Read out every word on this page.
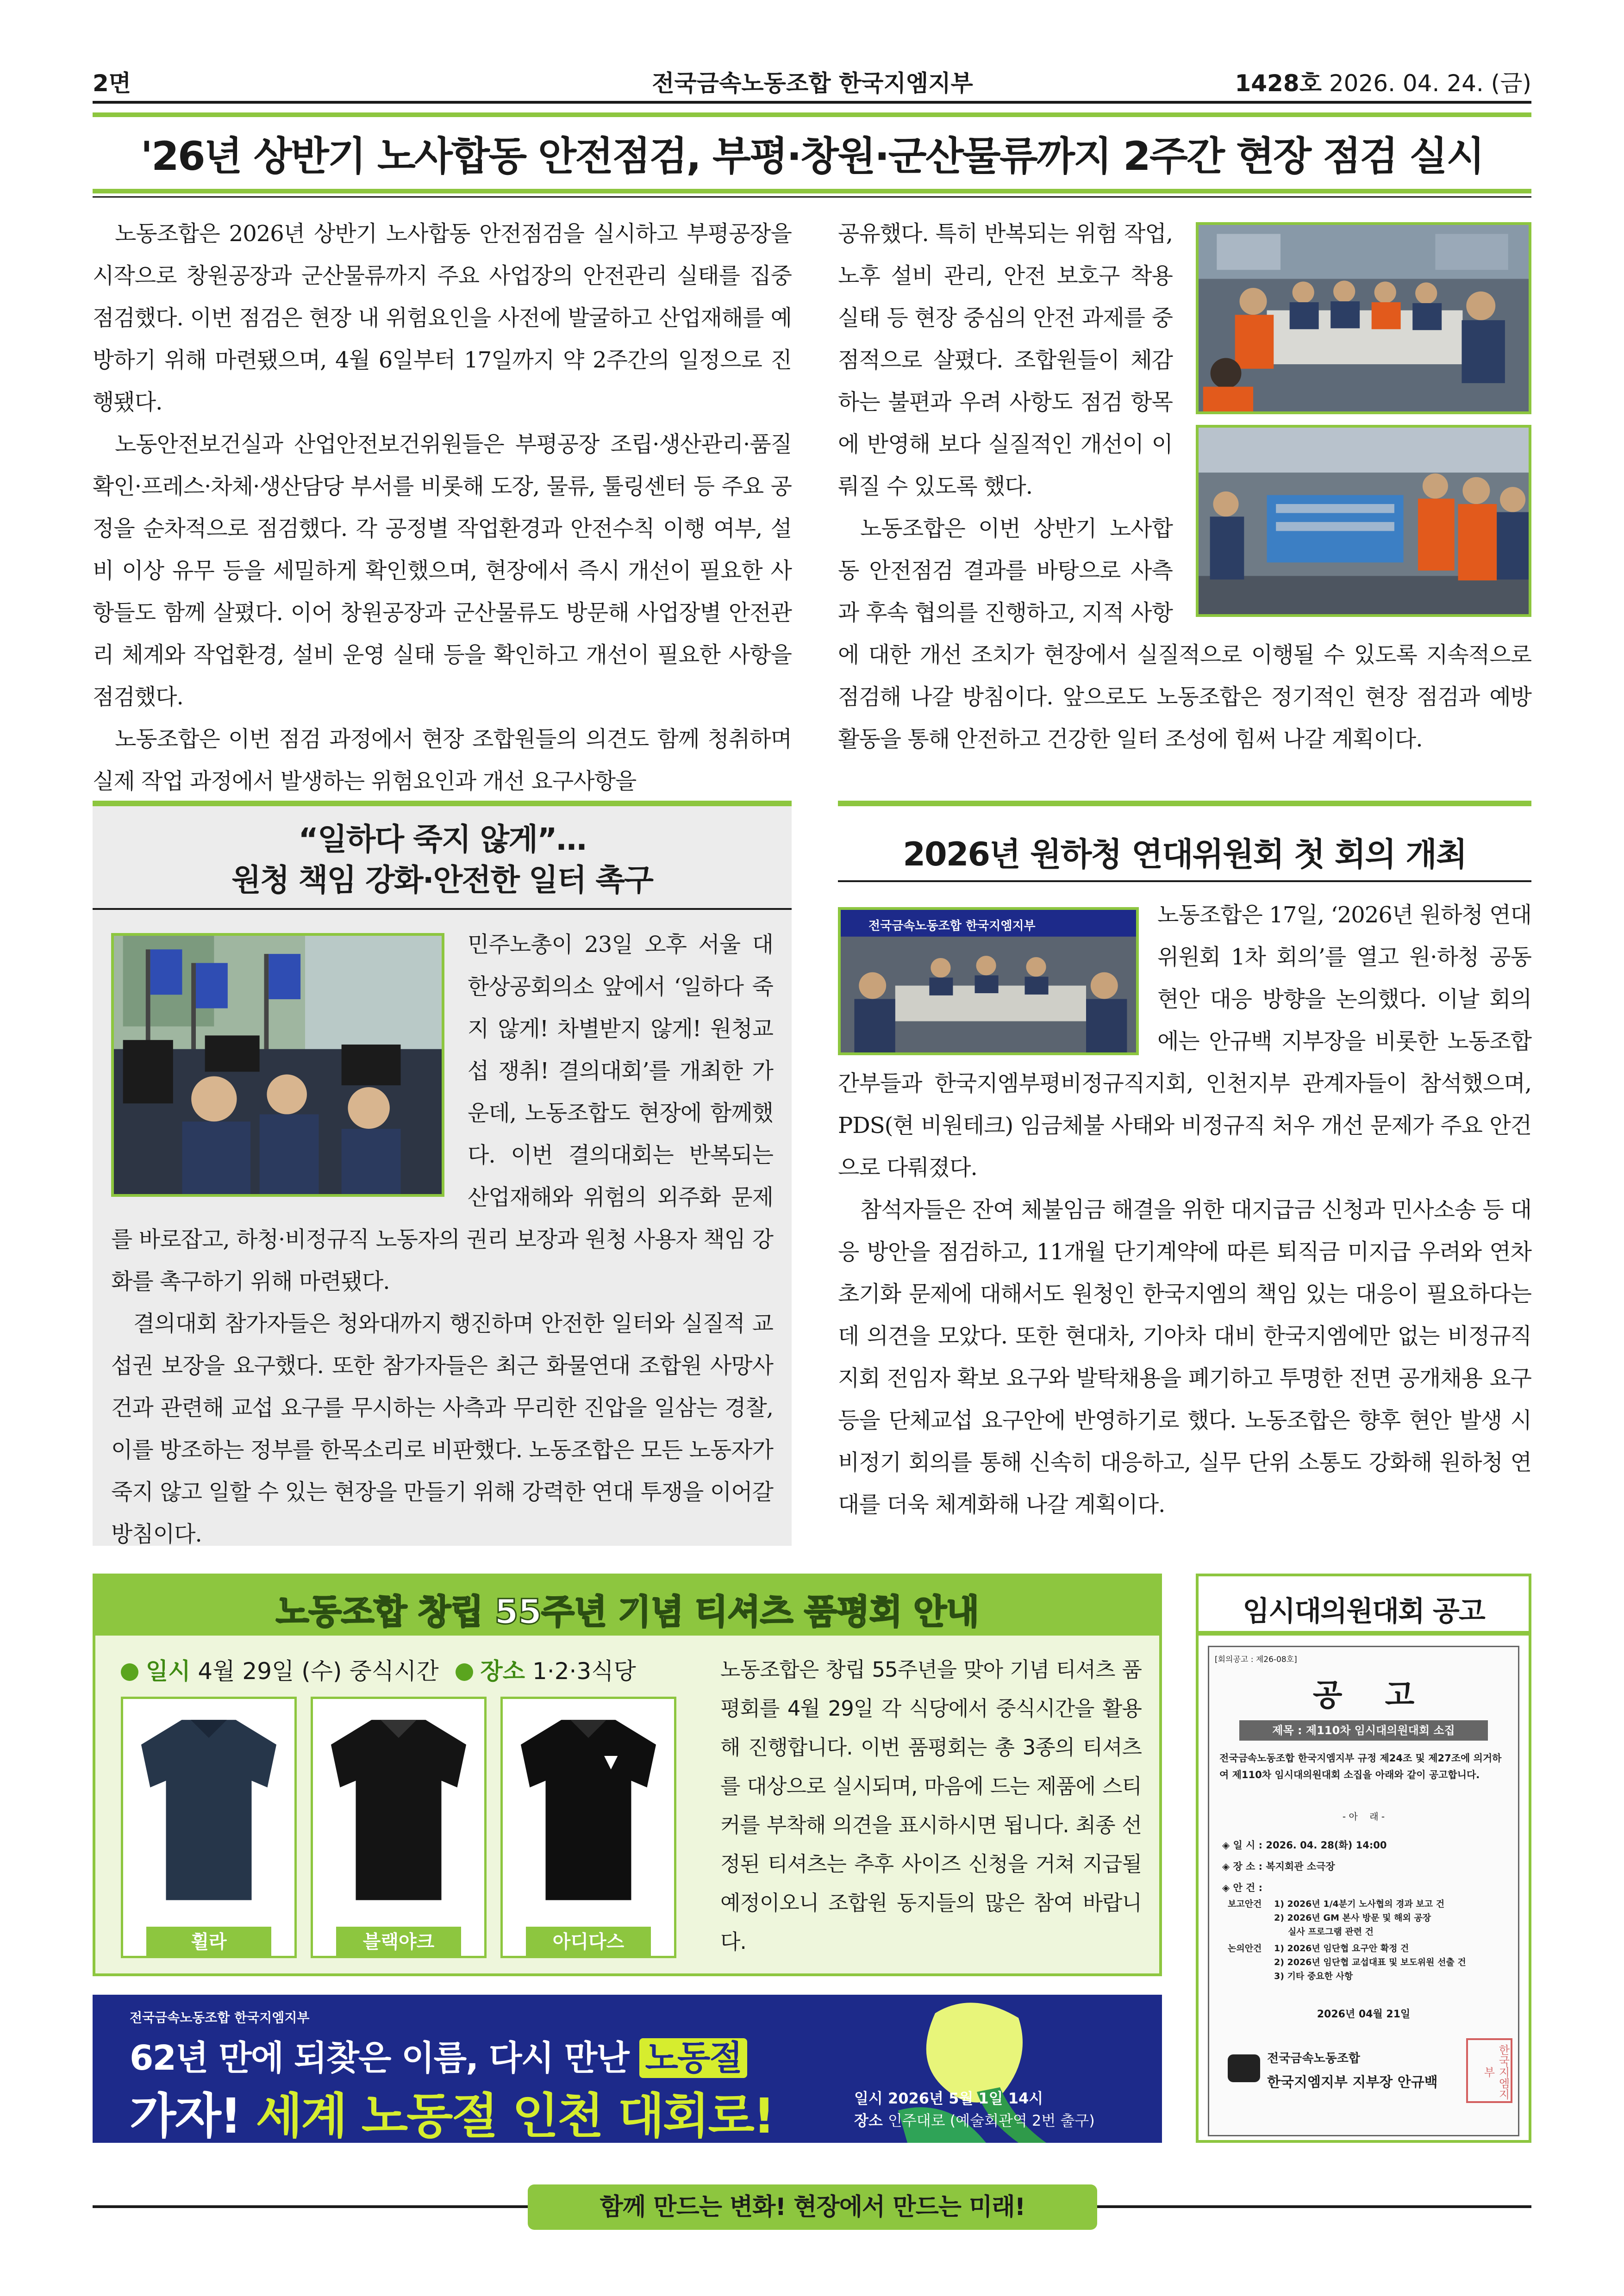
2면	전국금속노동조합 한국지엠지부	1428호 2026. 04. 24. (금)
'26년 상반기 노사합동 안전점검, 부평·창원·군산물류까지 2주간 현장 점검 실시

노동조합은 2026년 상반기 노사합동 안전점검을 실시하고 부평공장을 시작으로 창원공장과 군산물류까지 주요 사업장의 안전관리 실태를 집중 점검했다. 이번 점검은 현장 내 위험요인을 사전에 발굴하고 산업재해를 예방하기 위해 마련됐으며, 4월 6일부터 17일까지 약 2주간의 일정으로 진행됐다.

노동안전보건실과 산업안전보건위원들은 부평공장 조립·생산관리·품질확인·프레스·차체·생산담당 부서를 비롯해 도장, 물류, 툴링센터 등 주요 공정을 순차적으로 점검했다. 각 공정별 작업환경과 안전수칙 이행 여부, 설비 이상 유무 등을 세밀하게 확인했으며, 현장에서 즉시 개선이 필요한 사항들도 함께 살폈다. 이어 창원공장과 군산물류도 방문해 사업장별 안전관리 체계와 작업환경, 설비 운영 실태 등을 확인하고 개선이 필요한 사항을 점검했다.

노동조합은 이번 점검 과정에서 현장 조합원들의 의견도 함께 청취하며 실제 작업 과정에서 발생하는 위험요인과 개선 요구사항을

공유했다. 특히 반복되는 위험 작업, 노후 설비 관리, 안전 보호구 착용 실태 등 현장 중심의 안전 과제를 중점적으로 살폈다. 조합원들이 체감하는 불편과 우려 사항도 점검 항목에 반영해 보다 실질적인 개선이 이뤄질 수 있도록 했다.

노동조합은 이번 상반기 노사합동 안전점검 결과를 바탕으로 사측과 후속 협의를 진행하고, 지적 사항에 대한 개선 조치가 현장에서 실질적으로 이행될 수 있도록 지속적으로 점검해 나갈 방침이다. 앞으로도 노동조합은 정기적인 현장 점검과 예방 활동을 통해 안전하고 건강한 일터 조성에 힘써 나갈 계획이다.

“일하다 죽지 않게”…
원청 책임 강화·안전한 일터 촉구

민주노총이 23일 오후 서울 대한상공회의소 앞에서 ‘일하다 죽지 않게! 차별받지 않게! 원청교섭 쟁취! 결의대회’를 개최한 가운데, 노동조합도 현장에 함께했다. 이번 결의대회는 반복되는 산업재해와 위험의 외주화 문제를 바로잡고, 하청·비정규직 노동자의 권리 보장과 원청 사용자 책임 강화를 촉구하기 위해 마련됐다.

결의대회 참가자들은 청와대까지 행진하며 안전한 일터와 실질적 교섭권 보장을 요구했다. 또한 참가자들은 최근 화물연대 조합원 사망사건과 관련해 교섭 요구를 무시하는 사측과 무리한 진압을 일삼는 경찰, 이를 방조하는 정부를 한목소리로 비판했다. 노동조합은 모든 노동자가 죽지 않고 일할 수 있는 현장을 만들기 위해 강력한 연대 투쟁을 이어갈 방침이다.

2026년 원하청 연대위원회 첫 회의 개최

노동조합은 17일, ‘2026년 원하청 연대위원회 1차 회의’를 열고 원·하청 공동 현안 대응 방향을 논의했다. 이날 회의에는 안규백 지부장을 비롯한 노동조합 간부들과 한국지엠부평비정규직지회, 인천지부 관계자들이 참석했으며, PDS(현 비원테크) 임금체불 사태와 비정규직 처우 개선 문제가 주요 안건으로 다뤄졌다.

참석자들은 잔여 체불임금 해결을 위한 대지급금 신청과 민사소송 등 대응 방안을 점검하고, 11개월 단기계약에 따른 퇴직금 미지급 우려와 연차 초기화 문제에 대해서도 원청인 한국지엠의 책임 있는 대응이 필요하다는 데 의견을 모았다. 또한 현대차, 기아차 대비 한국지엠에만 없는 비정규직지회 전임자 확보 요구와 발탁채용을 폐기하고 투명한 전면 공개채용 요구 등을 단체교섭 요구안에 반영하기로 했다. 노동조합은 향후 현안 발생 시 비정기 회의를 통해 신속히 대응하고, 실무 단위 소통도 강화해 원하청 연대를 더욱 체계화해 나갈 계획이다.

전국금속노동조합 한국지엠지부
노동조합 창립 55주년 기념 티셔츠 품평회 안내
일시 4월 29일 (수) 중식시간 장소 1·2·3식당
휠라	블랙야크	아디다스
노동조합은 창립 55주년을 맞아 기념 티셔츠 품평회를 4월 29일 각 식당에서 중식시간을 활용해 진행합니다. 이번 품평회는 총 3종의 티셔츠를 대상으로 실시되며, 마음에 드는 제품에 스티커를 부착해 의견을 표시하시면 됩니다. 최종 선정된 티셔츠는 추후 사이즈 신청을 거쳐 지급될 예정이오니 조합원 동지들의 많은 참여 바랍니다.
임시대의원대회 공고
[회의공고 : 제26-08호]
공    고
제목 : 제110차 임시대의원대회 소집
전국금속노동조합 한국지엠지부 규정 제24조 및 제27조에 의거하여 제110차 임시대의원대회 소집을 아래와 같이 공고합니다.
- 아    래 -
◈ 일 시 : 2026. 04. 28(화) 14:00
◈ 장 소 : 복지회관 소극장
◈ 안 건 :
보고안건 1) 2026년 1/4분기 노사협의 경과 보고 건
2) 2026년 GM 본사 방문 및 해외 공장
실사 프로그램 관련 건
논의안건 1) 2026년 임단협 요구안 확정 건
2) 2026년 임단협 교섭대표 및 보도위원 선출 건
3) 기타 중요한 사항
2026년 04월 21일
전국금속노동조합
한국지엠지부 지부장 안규백	한국지엠지부
전국금속노동조합 한국지엠지부
62년 만에 되찾은 이름, 다시 만난 노동절
가자! 세계 노동절 인천 대회로!	일시 2026년 5월 1일 14시
장소 인주대로 (예술회관역 2번 출구)
함께 만드는 변화! 현장에서 만드는 미래!
